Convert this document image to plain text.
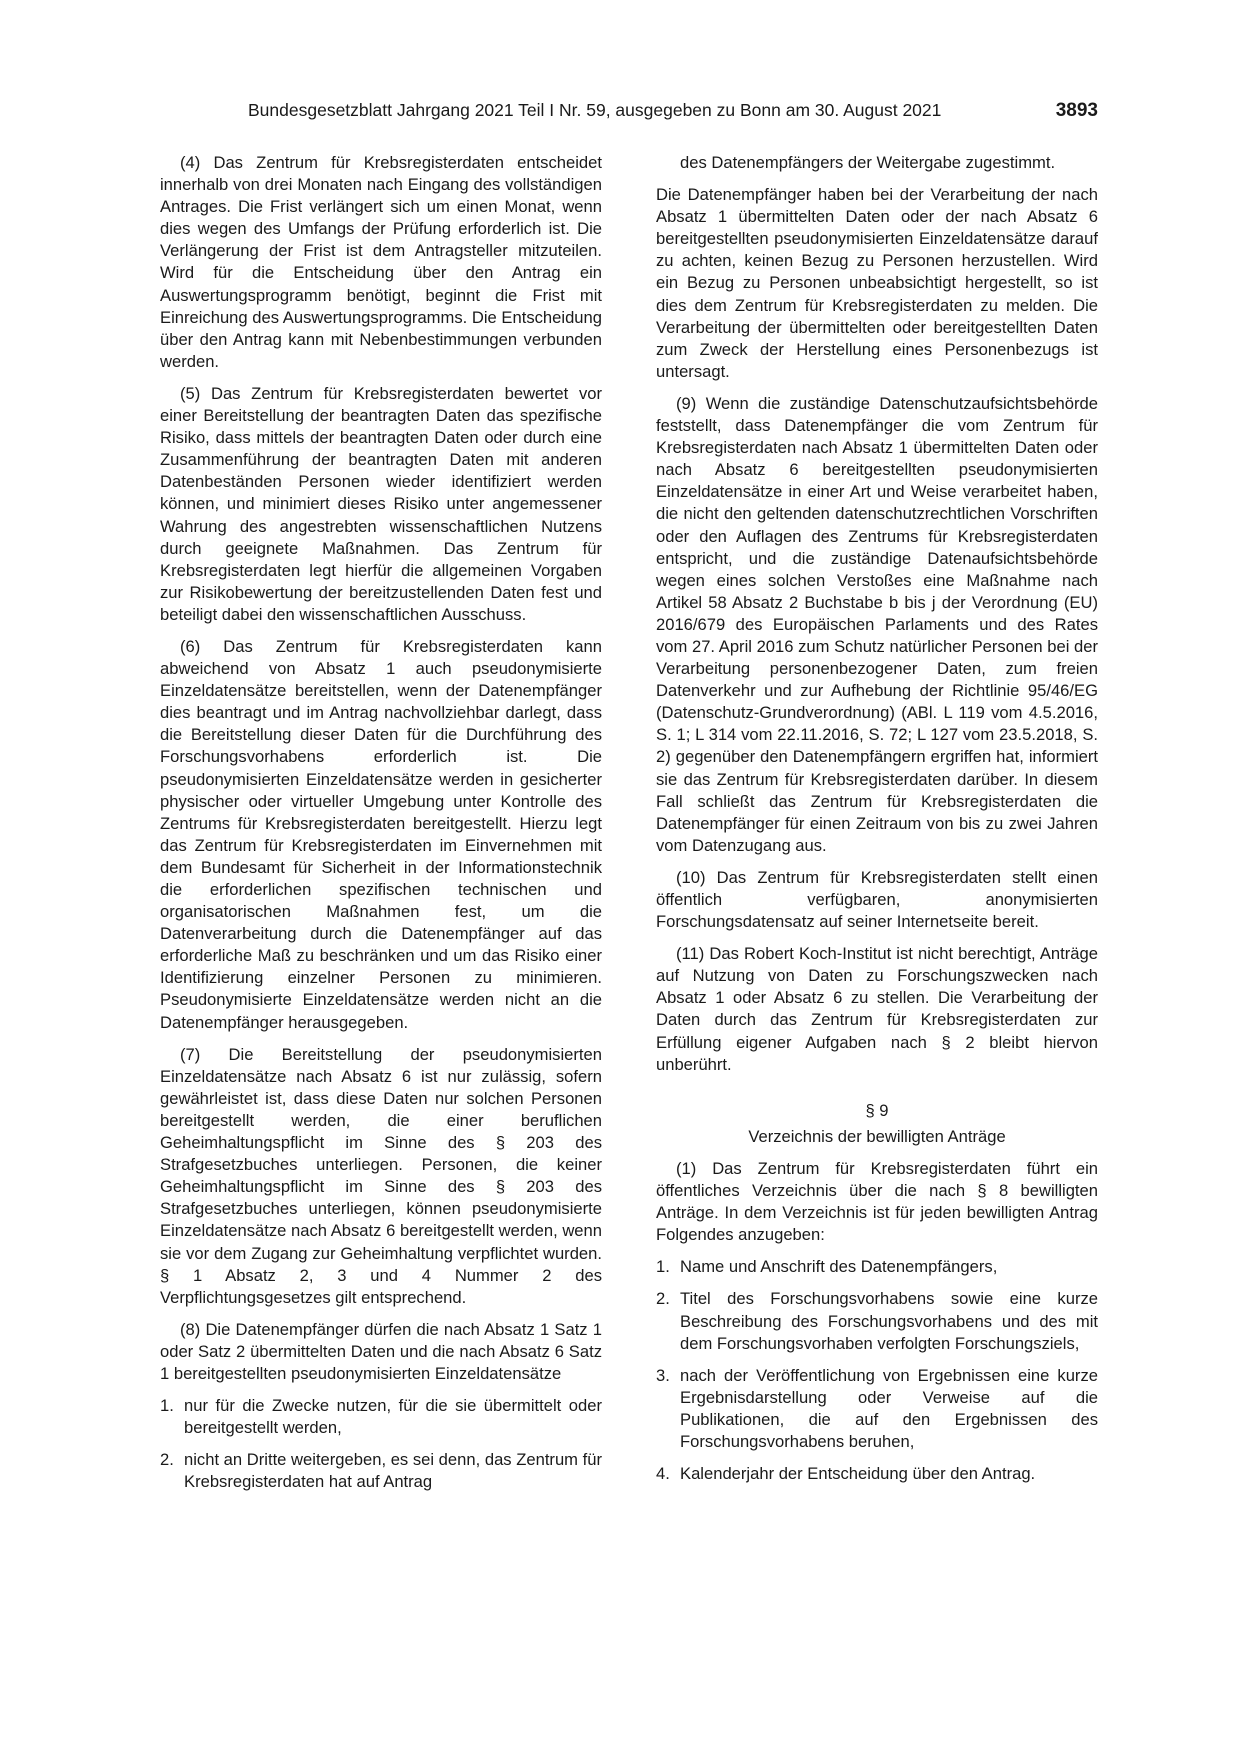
Bundesgesetzblatt Jahrgang 2021 Teil I Nr. 59, ausgegeben zu Bonn am 30. August 2021	3893

(4) Das Zentrum für Krebsregisterdaten entscheidet innerhalb von drei Monaten nach Eingang des vollständigen Antrages. Die Frist verlängert sich um einen Monat, wenn dies wegen des Umfangs der Prüfung erforderlich ist. Die Verlängerung der Frist ist dem Antragsteller mitzuteilen. Wird für die Entscheidung über den Antrag ein Auswertungsprogramm benötigt, beginnt die Frist mit Einreichung des Auswertungsprogramms. Die Entscheidung über den Antrag kann mit Nebenbestimmungen verbunden werden.

(5) Das Zentrum für Krebsregisterdaten bewertet vor einer Bereitstellung der beantragten Daten das spezifische Risiko, dass mittels der beantragten Daten oder durch eine Zusammenführung der beantragten Daten mit anderen Datenbeständen Personen wieder identifiziert werden können, und minimiert dieses Risiko unter angemessener Wahrung des angestrebten wissenschaftlichen Nutzens durch geeignete Maßnahmen. Das Zentrum für Krebsregisterdaten legt hierfür die allgemeinen Vorgaben zur Risikobewertung der bereitzustellenden Daten fest und beteiligt dabei den wissenschaftlichen Ausschuss.

(6) Das Zentrum für Krebsregisterdaten kann abweichend von Absatz 1 auch pseudonymisierte Einzeldatensätze bereitstellen, wenn der Datenempfänger dies beantragt und im Antrag nachvollziehbar darlegt, dass die Bereitstellung dieser Daten für die Durchführung des Forschungsvorhabens erforderlich ist. Die pseudonymisierten Einzeldatensätze werden in gesicherter physischer oder virtueller Umgebung unter Kontrolle des Zentrums für Krebsregisterdaten bereitgestellt. Hierzu legt das Zentrum für Krebsregisterdaten im Einvernehmen mit dem Bundesamt für Sicherheit in der Informationstechnik die erforderlichen spezifischen technischen und organisatorischen Maßnahmen fest, um die Datenverarbeitung durch die Datenempfänger auf das erforderliche Maß zu beschränken und um das Risiko einer Identifizierung einzelner Personen zu minimieren. Pseudonymisierte Einzeldatensätze werden nicht an die Datenempfänger herausgegeben.

(7) Die Bereitstellung der pseudonymisierten Einzeldatensätze nach Absatz 6 ist nur zulässig, sofern gewährleistet ist, dass diese Daten nur solchen Personen bereitgestellt werden, die einer beruflichen Geheimhaltungspflicht im Sinne des § 203 des Strafgesetzbuches unterliegen. Personen, die keiner Geheimhaltungspflicht im Sinne des § 203 des Strafgesetzbuches unterliegen, können pseudonymisierte Einzeldatensätze nach Absatz 6 bereitgestellt werden, wenn sie vor dem Zugang zur Geheimhaltung verpflichtet wurden. § 1 Absatz 2, 3 und 4 Nummer 2 des Verpflichtungsgesetzes gilt entsprechend.

(8) Die Datenempfänger dürfen die nach Absatz 1 Satz 1 oder Satz 2 übermittelten Daten und die nach Absatz 6 Satz 1 bereitgestellten pseudonymisierten Einzeldatensätze

1. nur für die Zwecke nutzen, für die sie übermittelt oder bereitgestellt werden,
2. nicht an Dritte weitergeben, es sei denn, das Zentrum für Krebsregisterdaten hat auf Antrag

des Datenempfängers der Weitergabe zugestimmt.

Die Datenempfänger haben bei der Verarbeitung der nach Absatz 1 übermittelten Daten oder der nach Absatz 6 bereitgestellten pseudonymisierten Einzeldatensätze darauf zu achten, keinen Bezug zu Personen herzustellen. Wird ein Bezug zu Personen unbeabsichtigt hergestellt, so ist dies dem Zentrum für Krebsregisterdaten zu melden. Die Verarbeitung der übermittelten oder bereitgestellten Daten zum Zweck der Herstellung eines Personenbezugs ist untersagt.

(9) Wenn die zuständige Datenschutzaufsichtsbehörde feststellt, dass Datenempfänger die vom Zentrum für Krebsregisterdaten nach Absatz 1 übermittelten Daten oder nach Absatz 6 bereitgestellten pseudonymisierten Einzeldatensätze in einer Art und Weise verarbeitet haben, die nicht den geltenden datenschutzrechtlichen Vorschriften oder den Auflagen des Zentrums für Krebsregisterdaten entspricht, und die zuständige Datenaufsichtsbehörde wegen eines solchen Verstoßes eine Maßnahme nach Artikel 58 Absatz 2 Buchstabe b bis j der Verordnung (EU) 2016/679 des Europäischen Parlaments und des Rates vom 27. April 2016 zum Schutz natürlicher Personen bei der Verarbeitung personenbezogener Daten, zum freien Datenverkehr und zur Aufhebung der Richtlinie 95/46/EG (Datenschutz-Grundverordnung) (ABl. L 119 vom 4.5.2016, S. 1; L 314 vom 22.11.2016, S. 72; L 127 vom 23.5.2018, S. 2) gegenüber den Datenempfängern ergriffen hat, informiert sie das Zentrum für Krebsregisterdaten darüber. In diesem Fall schließt das Zentrum für Krebsregisterdaten die Datenempfänger für einen Zeitraum von bis zu zwei Jahren vom Datenzugang aus.

(10) Das Zentrum für Krebsregisterdaten stellt einen öffentlich verfügbaren, anonymisierten Forschungsdatensatz auf seiner Internetseite bereit.

(11) Das Robert Koch-Institut ist nicht berechtigt, Anträge auf Nutzung von Daten zu Forschungszwecken nach Absatz 1 oder Absatz 6 zu stellen. Die Verarbeitung der Daten durch das Zentrum für Krebsregisterdaten zur Erfüllung eigener Aufgaben nach § 2 bleibt hiervon unberührt.

§ 9
Verzeichnis der bewilligten Anträge

(1) Das Zentrum für Krebsregisterdaten führt ein öffentliches Verzeichnis über die nach § 8 bewilligten Anträge. In dem Verzeichnis ist für jeden bewilligten Antrag Folgendes anzugeben:

1. Name und Anschrift des Datenempfängers,
2. Titel des Forschungsvorhabens sowie eine kurze Beschreibung des Forschungsvorhabens und des mit dem Forschungsvorhaben verfolgten Forschungsziels,
3. nach der Veröffentlichung von Ergebnissen eine kurze Ergebnisdarstellung oder Verweise auf die Publikationen, die auf den Ergebnissen des Forschungsvorhabens beruhen,
4. Kalenderjahr der Entscheidung über den Antrag.
